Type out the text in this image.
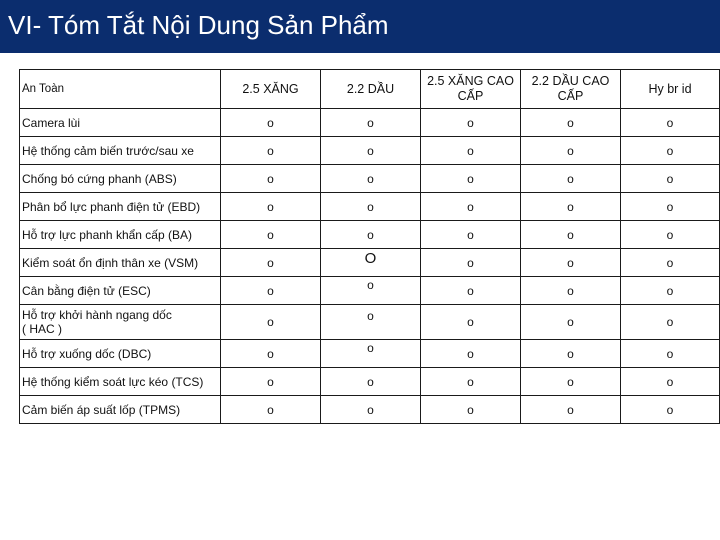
VI- Tóm Tắt Nội Dung Sản Phẩm
An Toàn	2.5 XĂNG	2.2 DẦU	2.5 XĂNG CAO CẤP	2.2 DẦU CAO CẤP	Hy br id
Camera lùi	o	o	o	o	o
Hệ thống cảm biến trước/sau xe	o	o	o	o	o
Chống bó cứng phanh (ABS)	o	o	o	o	o
Phân bổ lực phanh điện tử (EBD)	o	o	o	o	o
Hỗ trợ lực phanh khẩn cấp (BA)	o	o	o	o	o
Kiểm soát ổn định thân xe (VSM)	o	O	o	o	o
Cân bằng điện tử (ESC)	o	o	o	o	o
Hỗ trợ khởi hành ngang dốc
( HAC )	o	o	o	o	o
Hỗ trợ xuống dốc (DBC)	o	o	o	o	o
Hệ thống kiểm soát lực kéo (TCS)	o	o	o	o	o
Cảm biến áp suất lốp (TPMS)	o	o	o	o	o
